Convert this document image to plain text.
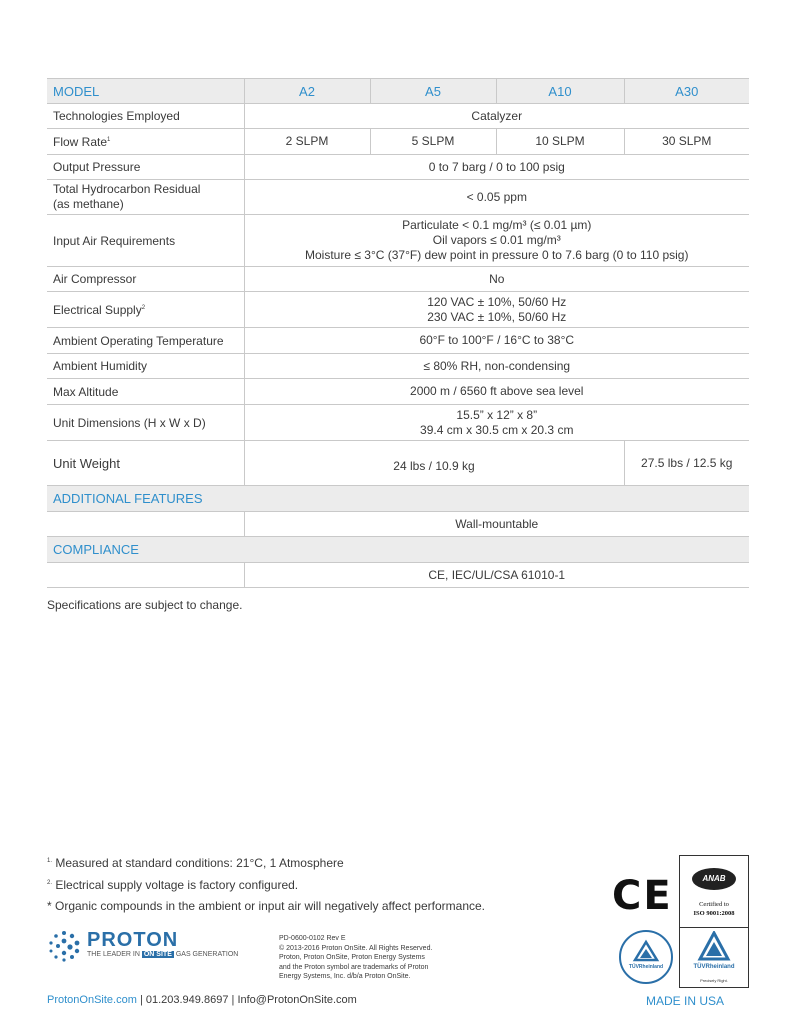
MODEL	A2	A5	A10	A30
Technologies Employed	Catalyzer			
Flow Rate$^1$	2 SLPM	5 SLPM	10 SLPM	30 SLPM
Output Pressure	0 to 7 barg / 0 to 100 psig			

Total Hydrocarbon Residual
(as methane)	< 0.05 ppm			
Input Air Requirements	Particulate < 0.1 mg/m³ (≤ 0.01 µm)
Oil vapors ≤ 0.01 mg/m³
Moisture ≤ 3°C (37°F) dew point in pressure 0 to 7.6 barg (0 to 110 psig)			

Air Compressor	No			
Electrical Supply$^2$	120 VAC ± 10%, 50/60 Hz
230 VAC ± 10%, 50/60 Hz			

Ambient Operating Temperature	60°F to 100°F / 16°C to 38°C			
Ambient Humidity	≤ 80% RH, non-condensing			
Max Altitude	2000 m / 6560 ft above sea level			
Unit Dimensions (H x W x D)	15.5” x 12” x 8”
39.4 cm x 30.5 cm x 20.3 cm			

Unit Weight	24 lbs / 10.9 kg			27.5 lbs / 12.5 kg
ADDITIONAL FEATURES				
	Wall-mountable			
COMPLIANCE				
	CE, IEC/UL/CSA 61010-1			
Specifications are subject to change.
$^{1.}$ Measured at standard conditions: 21°C, 1 Atmosphere
$^{2.}$ Electrical supply voltage is factory configured.
* Organic compounds in the ambient or input air will negatively affect performance.
PROTON
THE LEADER IN ON SITE GAS GENERATION
PD-0600-0102 Rev E
© 2013-2016 Proton OnSite. All Rights Reserved.
Proton, Proton OnSite, Proton Energy Systems
and the Proton symbol are trademarks of Proton
Energy Systems, Inc. d/b/a Proton OnSite.
ProtonOnSite.com | 01.203.949.8697 | Info@ProtonOnSite.com
CE
TÜVRheinland
ANAB
Certified to
ISO 9001:2008
TÜVRheinland
Precisely Right.
MADE IN USA
